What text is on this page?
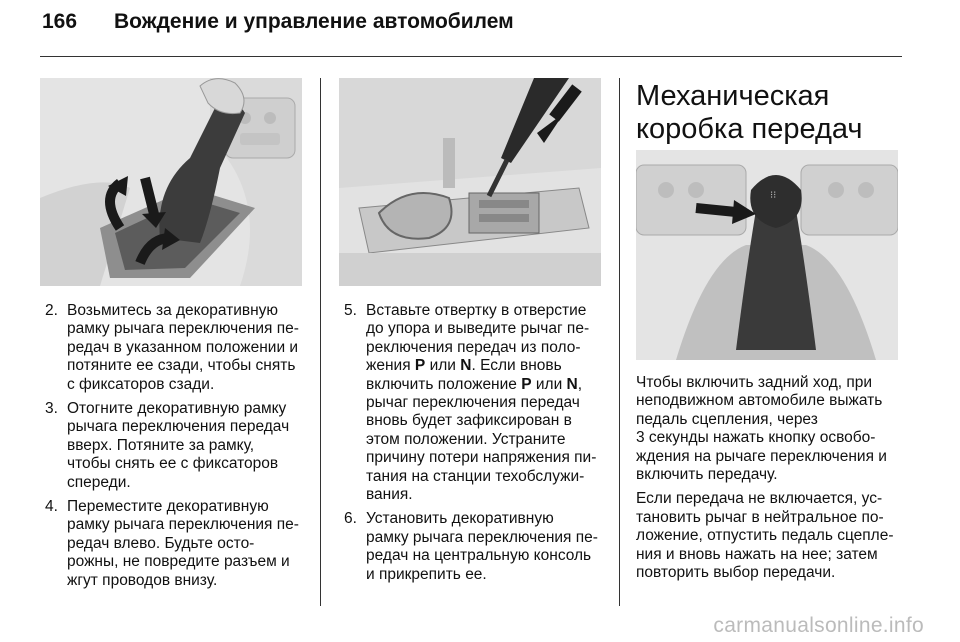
166 Вождение и управление автомобилем
⁝⁝
2. Возьмитесь за декоративную
рамку рычага переключения пе-
редач в указанном положении и
потяните ее сзади, чтобы снять
с фиксаторов сзади.
3. Отогните декоративную рамку
рычага переключения передач
вверх. Потяните за рамку,
чтобы снять ее с фиксаторов
спереди.
4. Переместите декоративную
рамку рычага переключения пе-
редач влево. Будьте осто-
рожны, не повредите разъем и
жгут проводов внизу.
5. Вставьте отвертку в отверстие
до упора и выведите рычаг пе-
реключения передач из поло-
жения P или N. Если вновь
включить положение P или N,
рычаг переключения передач
вновь будет зафиксирован в
этом положении. Устраните
причину потери напряжения пи-
тания на станции техобслужи-
вания.
6. Установить декоративную
рамку рычага переключения пе-
редач на центральную консоль
и прикрепить ее.
Механическая
коробка передач
Чтобы включить задний ход, при
неподвижном автомобиле выжать
педаль сцепления, через
3 секунды нажать кнопку освобо-
ждения на рычаге переключения и
включить передачу.
Если передача не включается, ус-
тановить рычаг в нейтральное по-
ложение, отпустить педаль сцепле-
ния и вновь нажать на нее; затем
повторить выбор передачи.
carmanualsonline.info
